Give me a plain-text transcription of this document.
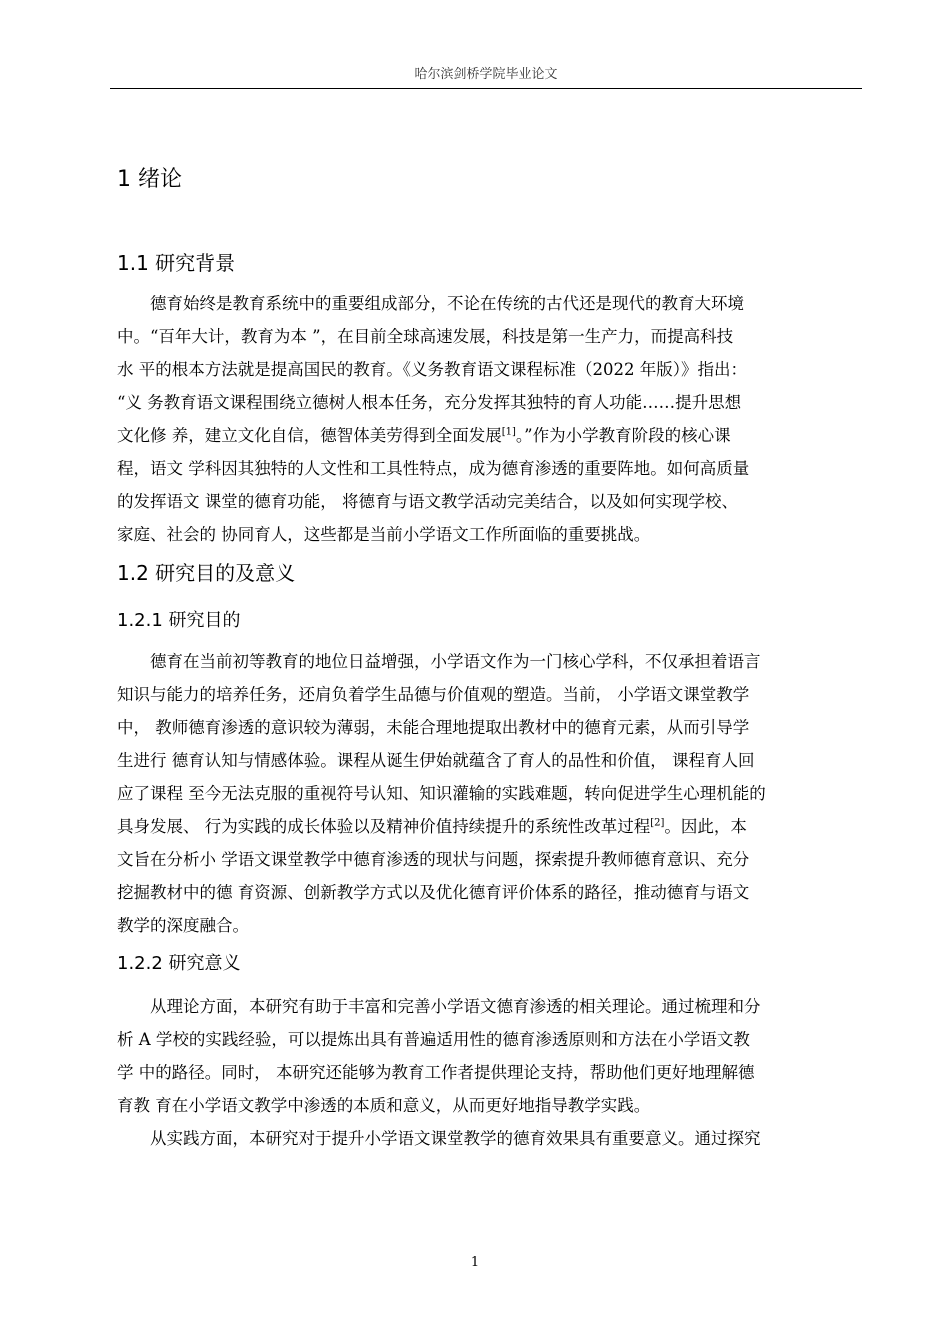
哈尔滨剑桥学院毕业论文
1 绪论
1.1 研究背景
　　德育始终是教育系统中的重要组成部分，不论在传统的古代还是现代的教育大环境
中。“百年大计，教育为本 ”，在目前全球高速发展，科技是第一生产力，而提高科技
水 平的根本方法就是提高国民的教育。《义务教育语文课程标准（2022 年版）》指出：
“义 务教育语文课程围绕立德树人根本任务，充分发挥其独特的育人功能……提升思想
文化修 养，建立文化自信，德智体美劳得到全面发展[1]。”作为小学教育阶段的核心课
程，语文 学科因其独特的人文性和工具性特点，成为德育渗透的重要阵地。如何高质量
的发挥语文 课堂的德育功能， 将德育与语文教学活动完美结合，以及如何实现学校、
家庭、社会的 协同育人，这些都是当前小学语文工作所面临的重要挑战。
1.2 研究目的及意义
1.2.1 研究目的
　　德育在当前初等教育的地位日益增强，小学语文作为一门核心学科，不仅承担着语言
知识与能力的培养任务，还肩负着学生品德与价值观的塑造。当前， 小学语文课堂教学
中， 教师德育渗透的意识较为薄弱，未能合理地提取出教材中的德育元素，从而引导学
生进行 德育认知与情感体验。课程从诞生伊始就蕴含了育人的品性和价值， 课程育人回
应了课程 至今无法克服的重视符号认知、知识灌输的实践难题，转向促进学生心理机能的
具身发展、 行为实践的成长体验以及精神价值持续提升的系统性改革过程[2]。因此，本
文旨在分析小 学语文课堂教学中德育渗透的现状与问题，探索提升教师德育意识、充分
挖掘教材中的德 育资源、创新教学方式以及优化德育评价体系的路径，推动德育与语文
教学的深度融合。
1.2.2 研究意义
　　从理论方面，本研究有助于丰富和完善小学语文德育渗透的相关理论。通过梳理和分
析 A 学校的实践经验，可以提炼出具有普遍适用性的德育渗透原则和方法在小学语文教
学 中的路径。同时， 本研究还能够为教育工作者提供理论支持，帮助他们更好地理解德
育教 育在小学语文教学中渗透的本质和意义，从而更好地指导教学实践。
　　从实践方面，本研究对于提升小学语文课堂教学的德育效果具有重要意义。通过探究
1
